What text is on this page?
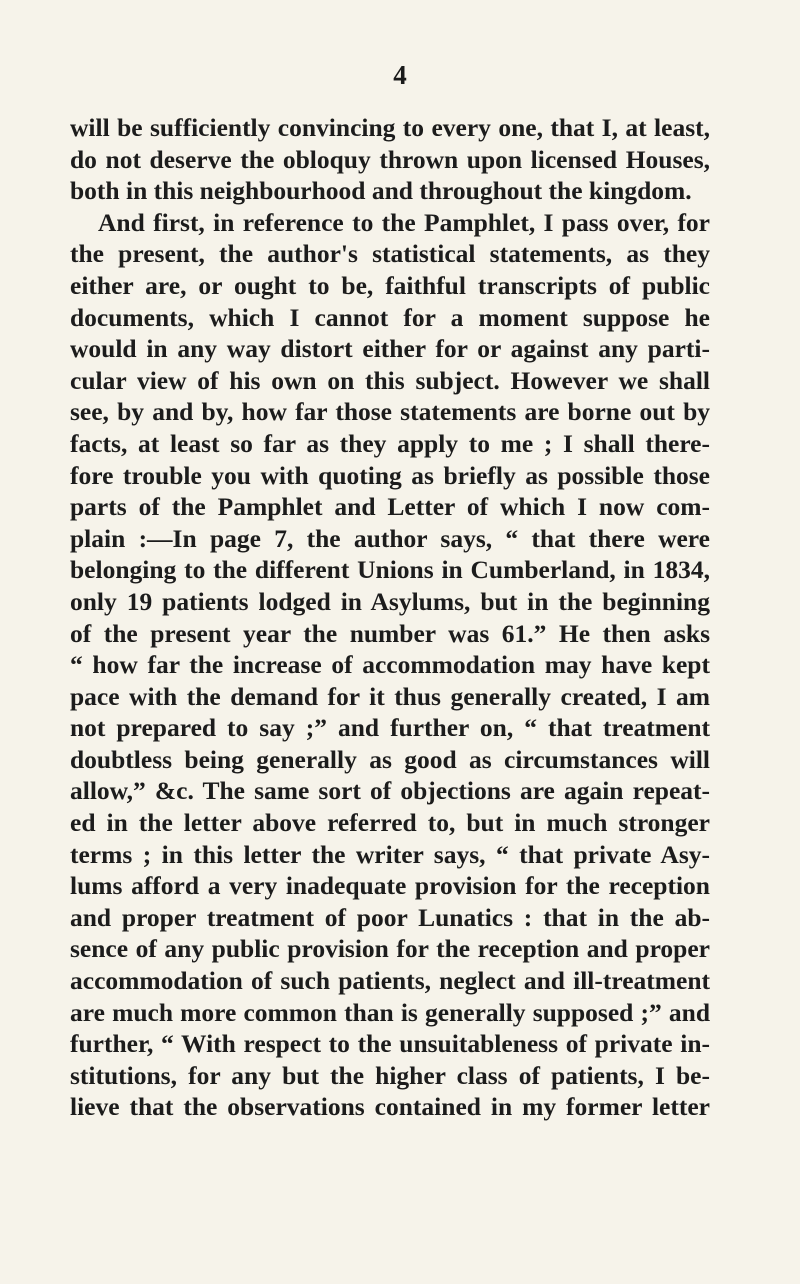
4
will be sufficiently convincing to every one, that I, at least,
do not deserve the obloquy thrown upon licensed Houses,
both in this neighbourhood and throughout the kingdom.
And first, in reference to the Pamphlet, I pass over, for
the present, the author's statistical statements, as they
either are, or ought to be, faithful transcripts of public
documents, which I cannot for a moment suppose he
would in any way distort either for or against any parti-
cular view of his own on this subject. However we shall
see, by and by, how far those statements are borne out by
facts, at least so far as they apply to me ; I shall there-
fore trouble you with quoting as briefly as possible those
parts of the Pamphlet and Letter of which I now com-
plain :—In page 7, the author says, “ that there were
belonging to the different Unions in Cumberland, in 1834,
only 19 patients lodged in Asylums, but in the beginning
of the present year the number was 61.” He then asks
“ how far the increase of accommodation may have kept
pace with the demand for it thus generally created, I am
not prepared to say ;” and further on, “ that treatment
doubtless being generally as good as circumstances will
allow,” &c. The same sort of objections are again repeat-
ed in the letter above referred to, but in much stronger
terms ; in this letter the writer says, “ that private Asy-
lums afford a very inadequate provision for the reception
and proper treatment of poor Lunatics : that in the ab-
sence of any public provision for the reception and proper
accommodation of such patients, neglect and ill-treatment
are much more common than is generally supposed ;” and
further, “ With respect to the unsuitableness of private in-
stitutions, for any but the higher class of patients, I be-
lieve that the observations contained in my former letter
